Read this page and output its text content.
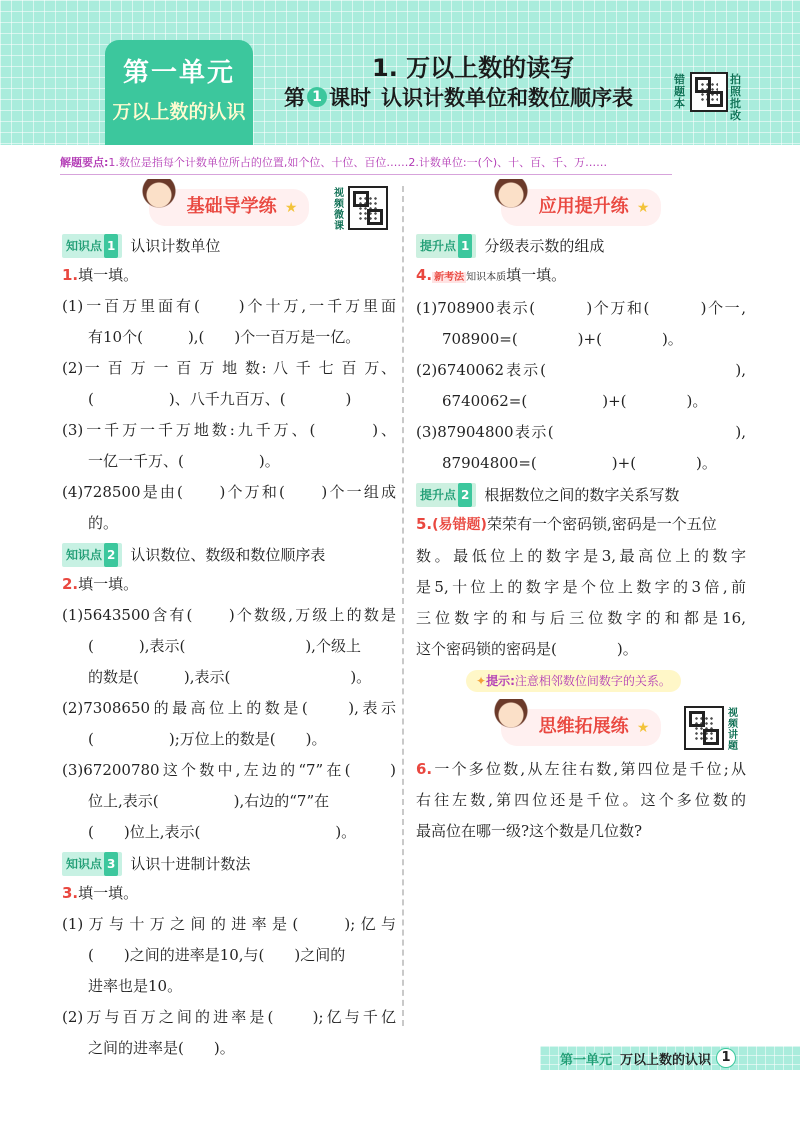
第一单元
万以上数的认识
1. 万以上数的读写
第 1 课时 认识计数单位和数位顺序表
错题本
拍照批改
解题要点:1.数位是指每个计数单位所占的位置,如个位、十位、百位……2.计数单位:一(个)、十、百、千、万……
基础导学练 ★
视频微课
知识点 1 认识计数单位
1.填一填。
(1)一百万里面有(　　)个十万,一千万里面
有10个(　　　),(　　)个一百万是一亿。
(2)一 百 万 一 百 万 地 数: 八 千 七 百 万、
(　　　　　)、八千九百万、(　　　　)
(3)一千万一千万地数:九千万、(　　　)、
一亿一千万、(　　　　　)。
(4)728500是由(　　)个万和(　　)个一组成
的。
知识点 2 认识数位、数级和数位顺序表
2.填一填。
(1)5643500含有(　　)个数级,万级上的数是
(　　　),表示(　　　　　　　　),个级上
的数是(　　　),表示(　　　　　　　　)。
(2)7308650的最高位上的数是(　　),表示
(　　　　　);万位上的数是(　　)。
(3)67200780这个数中,左边的“7”在(　　)
位上,表示(　　　　　),右边的“7”在
(　　)位上,表示(　　　　　　　　　)。
知识点 3 认识十进制计数法
3.填一填。
(1)万与十万之间的进率是(　　);亿与
(　　)之间的进率是10,与(　　)之间的
进率也是10。
(2)万与百万之间的进率是(　　);亿与千亿
之间的进率是(　　)。
应用提升练 ★
提升点 1 分级表示数的组成
4. 新考法 知识本质填一填。
(1)708900表示(　　　)个万和(　　　)个一,
708900=(　　　　)+(　　　　)。
(2)6740062表示(　　　　　　　　　　　),
6740062=(　　　　　)+(　　　　)。
(3)87904800表示(　　　　　　　　　　　),
87904800=(　　　　　)+(　　　　)。
提升点 2 根据数位之间的数字关系写数
5.(易错题)荣荣有一个密码锁,密码是一个五位
数。最低位上的数字是3,最高位上的数字
是5,十位上的数字是个位上数字的3倍,前
三位数字的和与后三位数字的和都是16,
这个密码锁的密码是(　　　　)。
✦提示:注意相邻数位间数字的关系。
思维拓展练 ★
视频讲题
6.一个多位数,从左往右数,第四位是千位;从
右往左数,第四位还是千位。这个多位数的
最高位在哪一级?这个数是几位数?
第一单元 万以上数的认识 1
